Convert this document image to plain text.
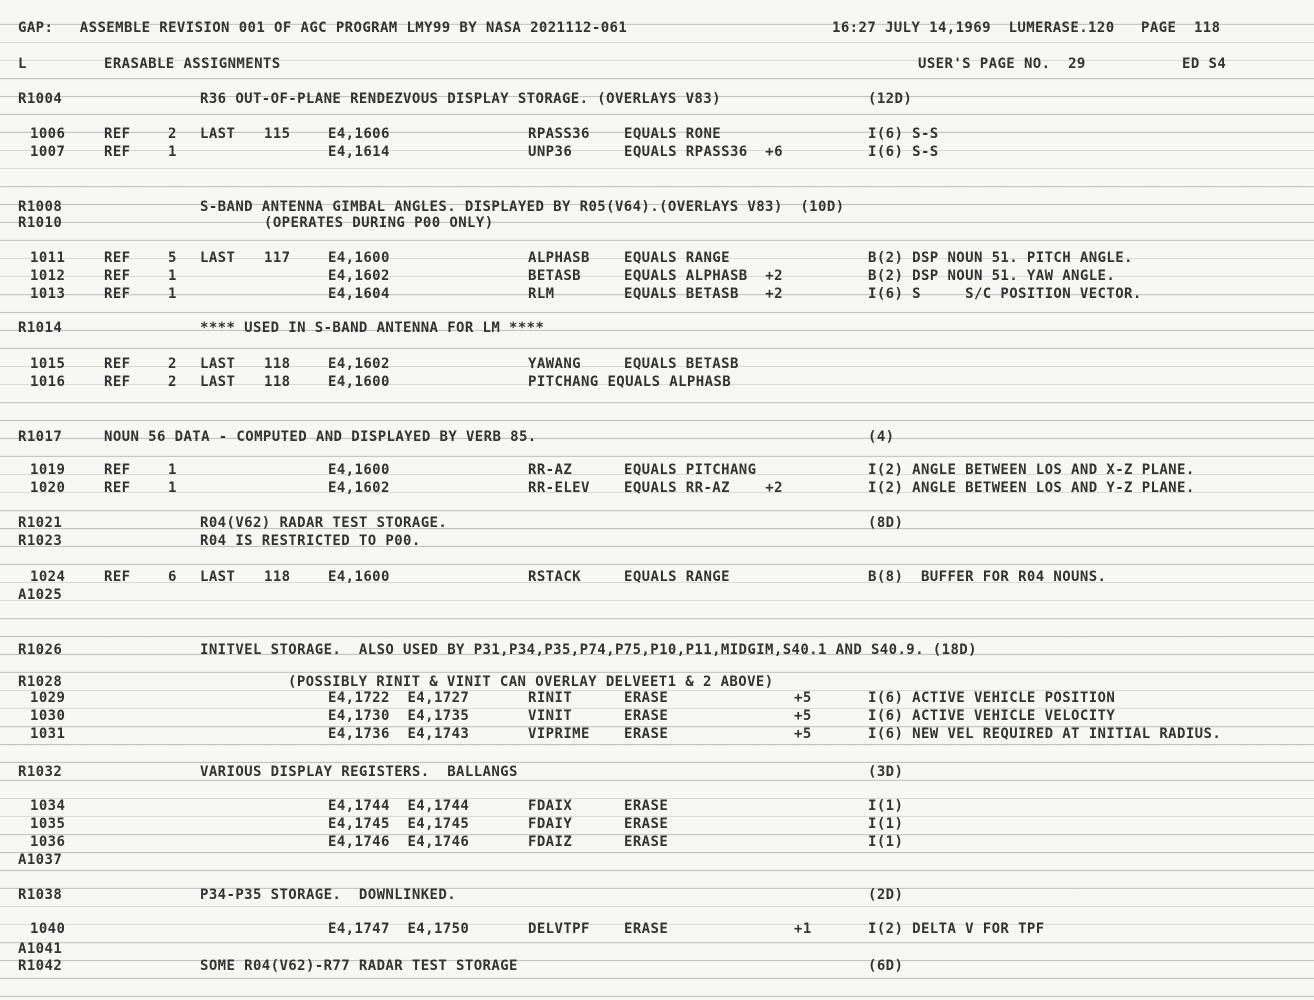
GAP:   ASSEMBLE REVISION 001 OF AGC PROGRAM LMY99 BY NASA 2021112-061	16:27 JULY 14,1969  LUMERASE.120   PAGE  118
L	ERASABLE ASSIGNMENTS	USER'S PAGE NO.  29	ED S4
R1004	R36 OUT-OF-PLANE RENDEZVOUS DISPLAY STORAGE. (OVERLAYS V83)	(12D)
1006	REF	2 LAST 115	E4,1606	RPASS36 EQUALS RONE	I(6) S-S
1007	REF	1	E4,1614	UNP36	EQUALS RPASS36  +6	I(6) S-S
R1008	S-BAND ANTENNA GIMBAL ANGLES. DISPLAYED BY R05(V64).(OVERLAYS V83)  (10D)
R1010	(OPERATES DURING P00 ONLY)
1011	REF	5 LAST 117	E4,1600	ALPHASB EQUALS RANGE	B(2) DSP NOUN 51. PITCH ANGLE.
1012	REF	1	E4,1602	BETASB	EQUALS ALPHASB  +2	B(2) DSP NOUN 51. YAW ANGLE.
1013	REF	1	E4,1604	RLM	EQUALS BETASB   +2	I(6) S     S/C POSITION VECTOR.
R1014	**** USED IN S-BAND ANTENNA FOR LM ****
1015	REF	2 LAST 118	E4,1602	YAWANG	EQUALS BETASB
1016	REF	2 LAST 118	E4,1600	PITCHANG EQUALS ALPHASB
R1017	NOUN 56 DATA - COMPUTED AND DISPLAYED BY VERB 85.	(4)
1019	REF	1	E4,1600	RR-AZ	EQUALS PITCHANG	I(2) ANGLE BETWEEN LOS AND X-Z PLANE.
1020	REF	1	E4,1602	RR-ELEV EQUALS RR-AZ    +2	I(2) ANGLE BETWEEN LOS AND Y-Z PLANE.
R1021	R04(V62) RADAR TEST STORAGE.	(8D)
R1023	R04 IS RESTRICTED TO P00.
1024	REF	6 LAST 118	E4,1600	RSTACK	EQUALS RANGE	B(8)  BUFFER FOR R04 NOUNS.
A1025
R1026	INITVEL STORAGE.  ALSO USED BY P31,P34,P35,P74,P75,P10,P11,MIDGIM,S40.1 AND S40.9. (18D)
R1028	(POSSIBLY RINIT & VINIT CAN OVERLAY DELVEET1 & 2 ABOVE)
1029	E4,1722  E4,1727	RINIT	ERASE	+5	I(6) ACTIVE VEHICLE POSITION
1030	E4,1730  E4,1735	VINIT	ERASE	+5	I(6) ACTIVE VEHICLE VELOCITY
1031	E4,1736  E4,1743	VIPRIME ERASE	+5	I(6) NEW VEL REQUIRED AT INITIAL RADIUS.
R1032	VARIOUS DISPLAY REGISTERS.  BALLANGS	(3D)
1034	E4,1744  E4,1744	FDAIX	ERASE	I(1)
1035	E4,1745  E4,1745	FDAIY	ERASE	I(1)
1036	E4,1746  E4,1746	FDAIZ	ERASE	I(1)
A1037
R1038	P34-P35 STORAGE.  DOWNLINKED.	(2D)
1040	E4,1747  E4,1750	DELVTPF ERASE	+1	I(2) DELTA V FOR TPF
A1041
R1042	SOME R04(V62)-R77 RADAR TEST STORAGE	(6D)
